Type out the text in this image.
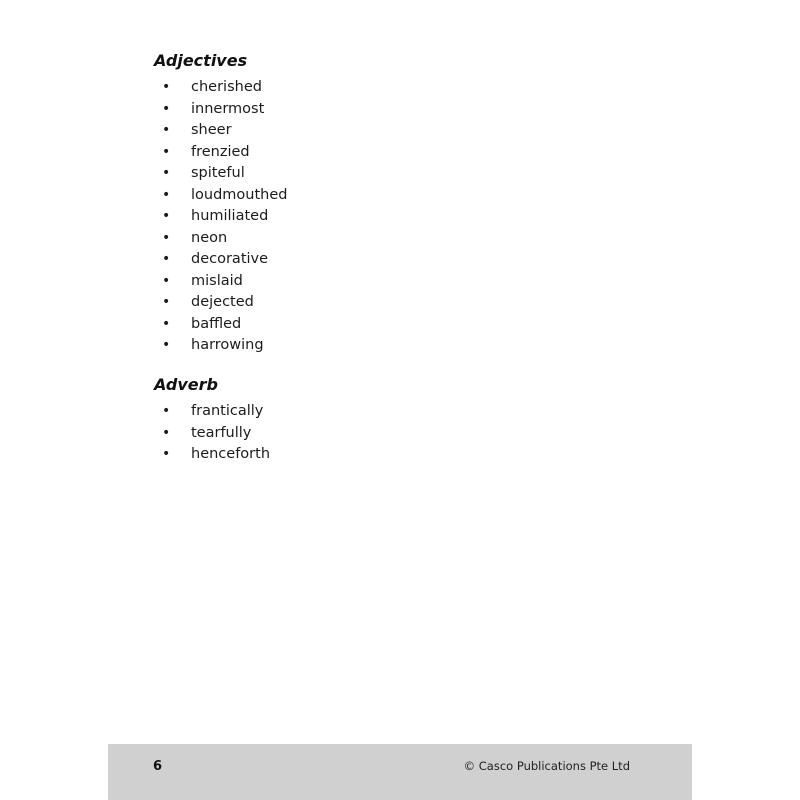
Adjectives
• cherished
• innermost
• sheer
• frenzied
• spiteful
• loudmouthed
• humiliated
• neon
• decorative
• mislaid
• dejected
• baffled
• harrowing
Adverb
• frantically
• tearfully
• henceforth
6	© Casco Publications Pte Ltd
